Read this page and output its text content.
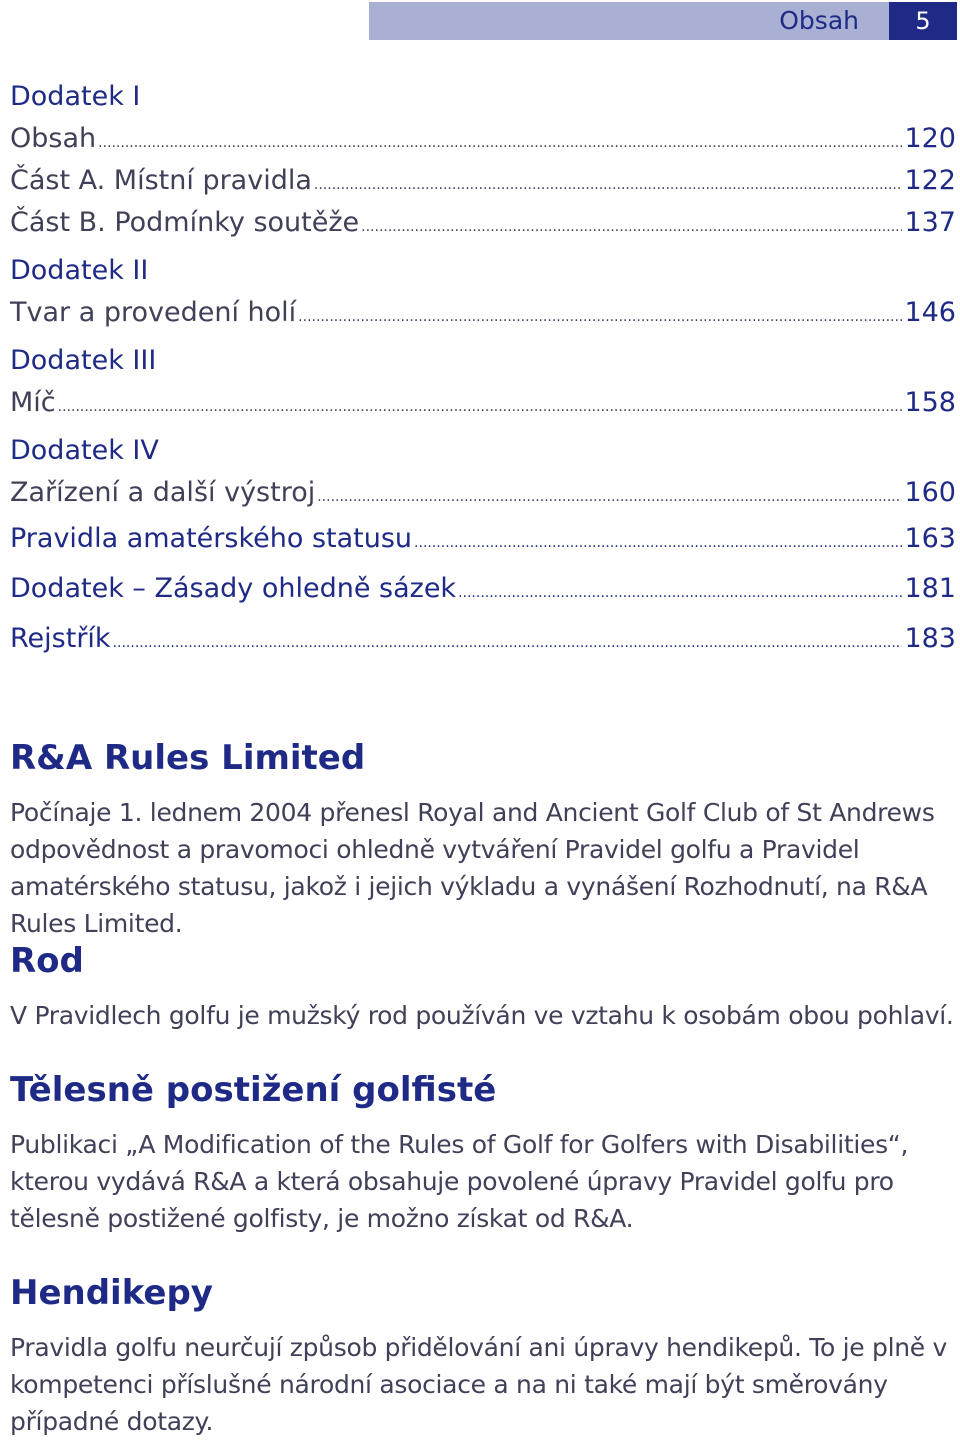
Obsah	5
Dodatek I
Obsah .....	120
Část A. Místní pravidla .....	122
Část B. Podmínky soutěže .....	137
Dodatek II
Tvar a provedení holí .....	146
Dodatek III
Míč .....	158
Dodatek IV
Zařízení a další výstroj .....	160
Pravidla amatérského statusu .....	163
Dodatek – Zásady ohledně sázek .....	181
Rejstřík .....	183
R&A Rules Limited

Počínaje 1. lednem 2004 přenesl Royal and Ancient Golf Club of St Andrews odpovědnost a pravomoci ohledně vytváření Pravidel golfu a Pravidel amatérského statusu, jakož i jejich výkladu a vynášení Rozhodnutí, na R&A Rules Limited.

Rod

V Pravidlech golfu je mužský rod používán ve vztahu k osobám obou pohlaví.

Tělesně postižení golfisté

Publikaci „A Modification of the Rules of Golf for Golfers with Disabilities“, kterou vydává R&A a která obsahuje povolené úpravy Pravidel golfu pro tělesně postižené golfisty, je možno získat od R&A.

Hendikepy

Pravidla golfu neurčují způsob přidělování ani úpravy hendikepů. To je plně v kompetenci příslušné národní asociace a na ni také mají být směrovány případné dotazy.
